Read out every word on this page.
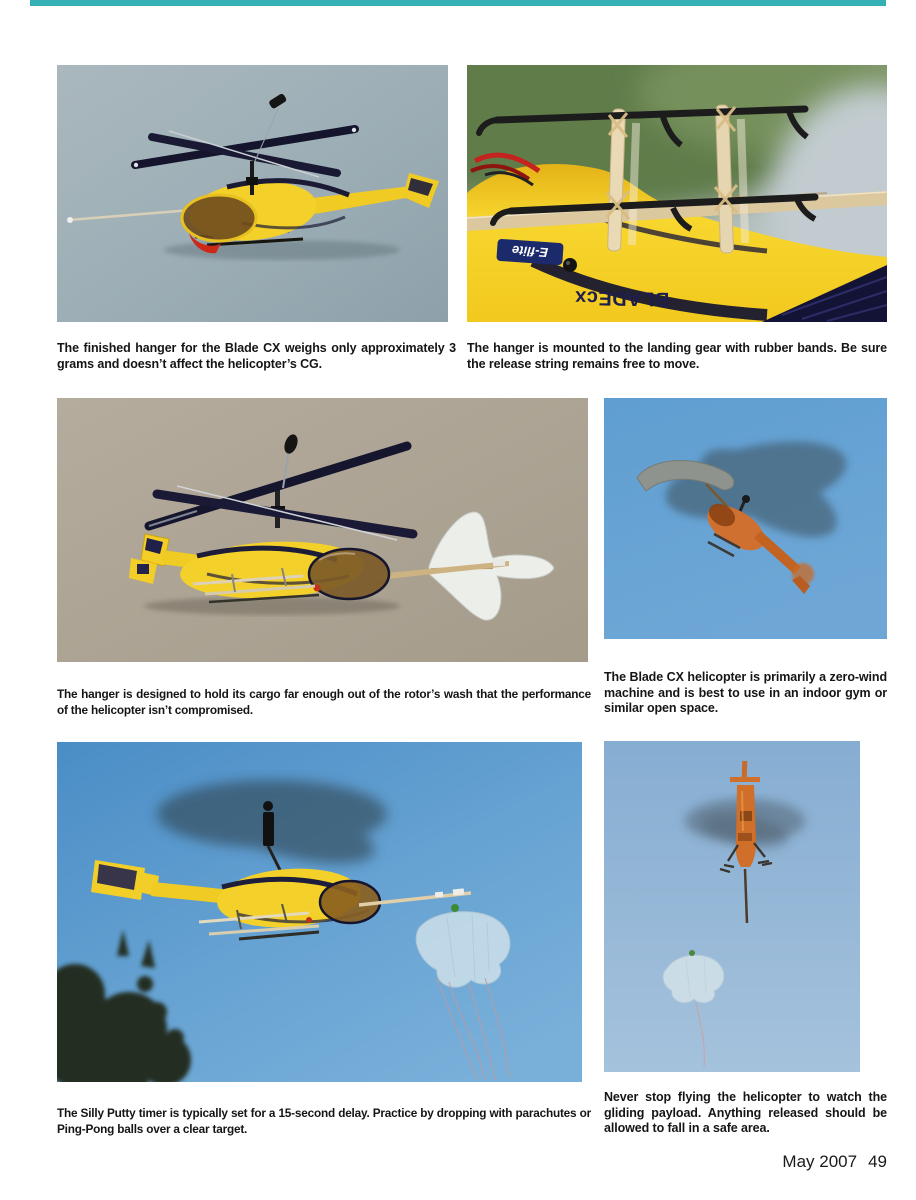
E-flite
BLADEcx
The finished hanger for the Blade CX weighs only approximately 3 grams and doesn’t affect the helicopter’s CG.
The hanger is mounted to the landing gear with rubber bands. Be sure the release string remains free to move.
The hanger is designed to hold its cargo far enough out of the rotor’s wash that the performance of the helicopter isn’t compromised.
The Blade CX helicopter is primarily a zero-wind machine and is best to use in an indoor gym or similar open space.
The Silly Putty timer is typically set for a 15-second delay. Practice by dropping with parachutes or Ping-Pong balls over a clear target.
Never stop flying the helicopter to watch the gliding payload. Anything released should be allowed to fall in a safe area.
May 2007 49
